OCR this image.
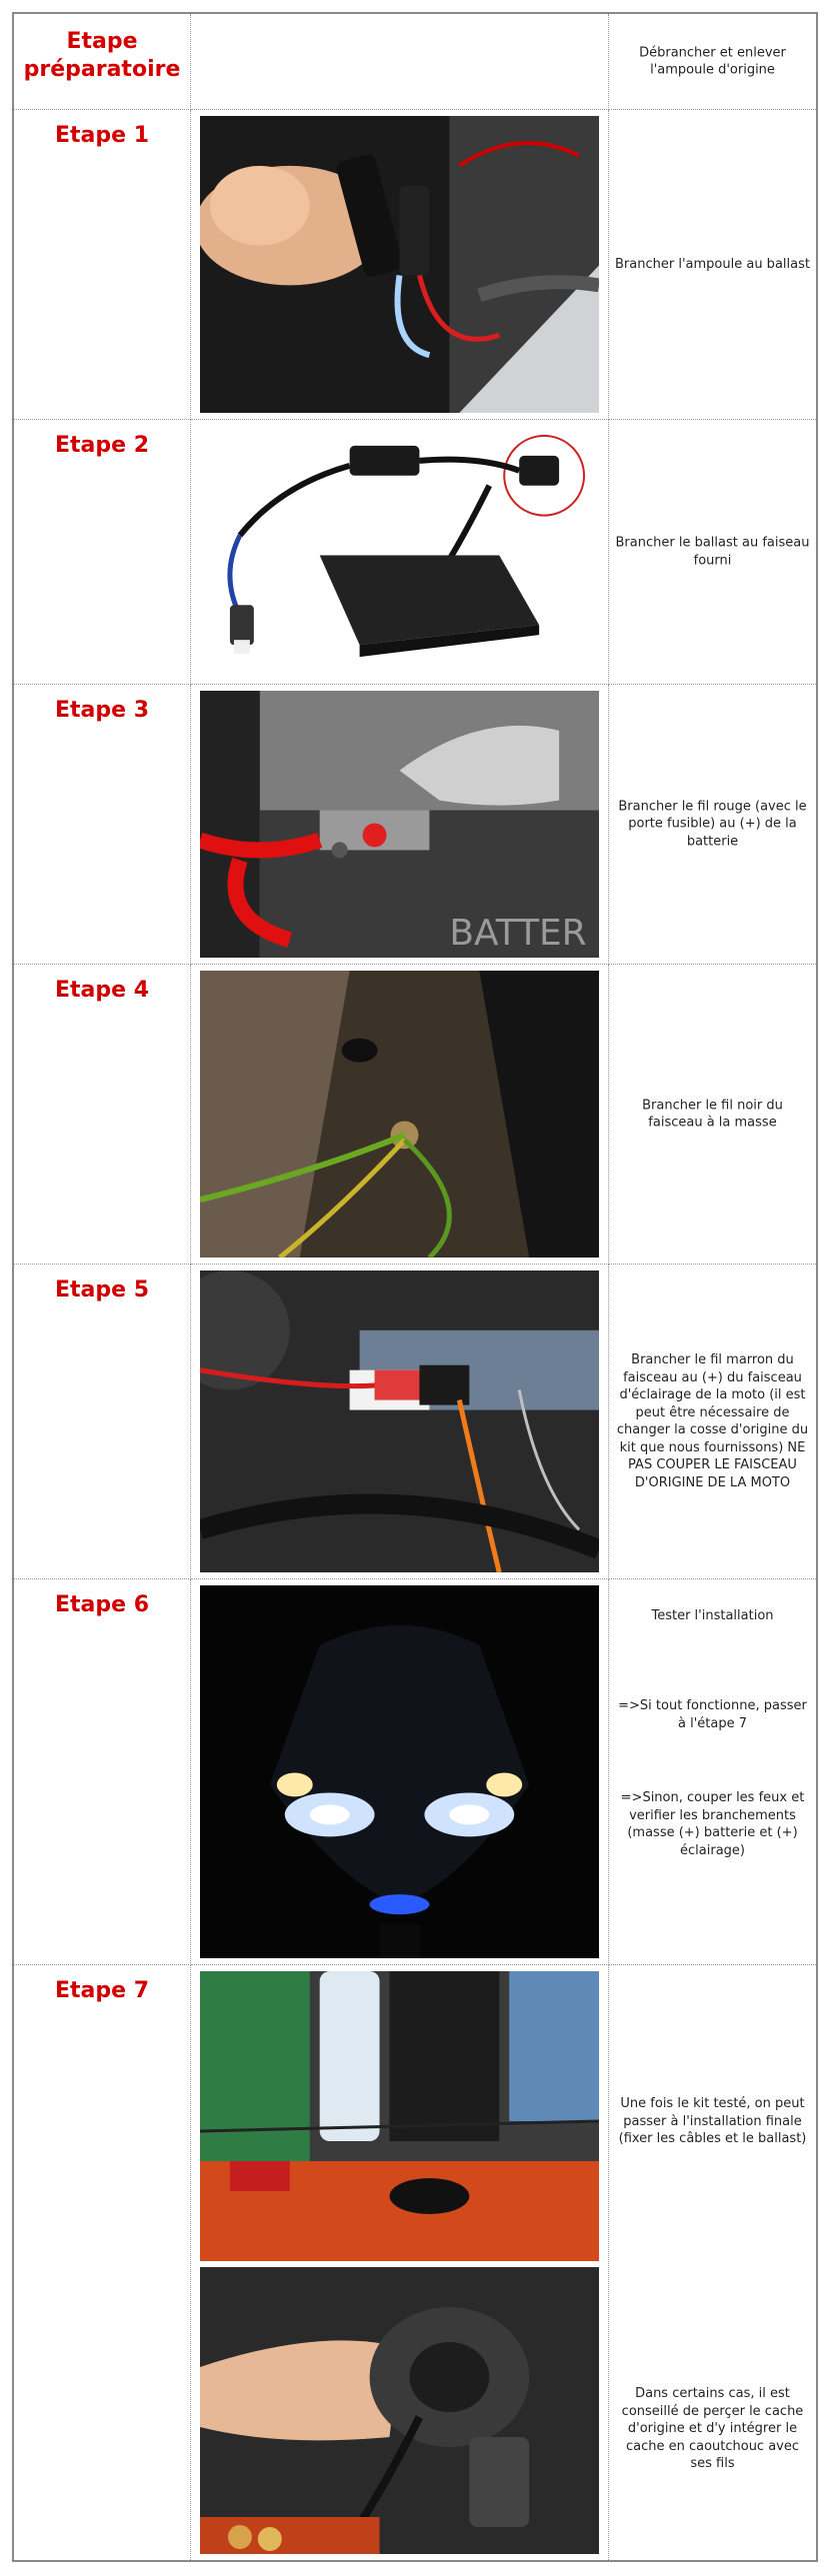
Etape préparatoire
Débrancher et enlever l'ampoule d'origine
Etape 1
Brancher l'ampoule au ballast
Etape 2
Brancher le ballast au faiseau fourni
Etape 3
BATTER
Brancher le fil rouge (avec le porte fusible) au (+) de la batterie
Etape 4
Brancher le fil noir du faisceau à la masse
Etape 5
Brancher le fil marron du faisceau au (+) du faisceau d'éclairage de la moto (il est peut être nécessaire de changer la cosse d'origine du kit que nous fournissons) NE PAS COUPER LE FAISCEAU D'ORIGINE DE LA MOTO
Etape 6	Tester l'installation
=>Si tout fonctionne, passer à l'étape 7
=>Sinon, couper les feux et verifier les branchements (masse (+) batterie et (+) éclairage)
Etape 7
Une fois le kit testé, on peut passer à l'installation finale (fixer les câbles et le ballast)
Dans certains cas, il est conseillé de perçer le cache d'origine et d'y intégrer le cache en caoutchouc avec ses fils
